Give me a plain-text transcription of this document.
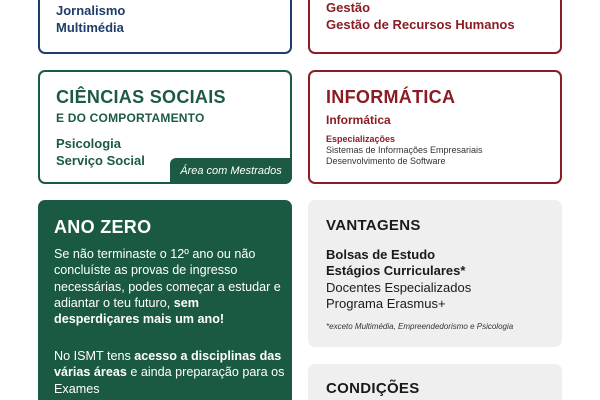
Jornalismo
Multimédia
Gestão
Gestão de Recursos Humanos
CIÊNCIAS SOCIAIS
E DO COMPORTAMENTO
Psicologia
Serviço Social
Área com Mestrados
INFORMÁTICA
Informática
Especializações
Sistemas de Informações Empresariais
Desenvolvimento de Software
ANO ZERO
Se não terminaste o 12º ano ou não concluíste as provas de ingresso necessárias, podes começar a estudar e adiantar o teu futuro, sem desperdiçares mais um ano!
No ISMT tens acesso a disciplinas das várias áreas e ainda preparação para os Exames
VANTAGENS
Bolsas de Estudo
Estágios Curriculares*
Docentes Especializados
Programa Erasmus+
*exceto Multimédia, Empreendedorismo e Psicologia
CONDIÇÕES
